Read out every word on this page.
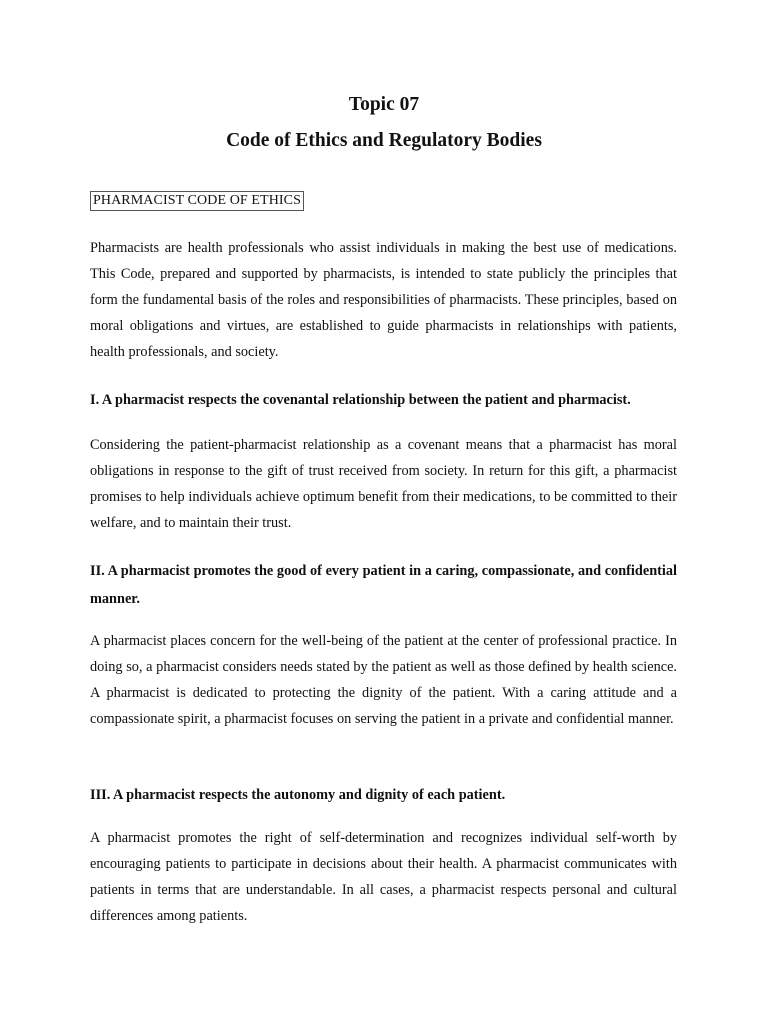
Topic 07
Code of Ethics and Regulatory Bodies
PHARMACIST CODE OF ETHICS

Pharmacists are health professionals who assist individuals in making the best use of medications. This Code, prepared and supported by pharmacists, is intended to state publicly the principles that form the fundamental basis of the roles and responsibilities of pharmacists. These principles, based on moral obligations and virtues, are established to guide pharmacists in relationships with patients, health professionals, and society.

I. A pharmacist respects the covenantal relationship between the patient and pharmacist.

Considering the patient-pharmacist relationship as a covenant means that a pharmacist has moral obligations in response to the gift of trust received from society. In return for this gift, a pharmacist promises to help individuals achieve optimum benefit from their medications, to be committed to their welfare, and to maintain their trust.

II. A pharmacist promotes the good of every patient in a caring, compassionate, and confidential manner.

A pharmacist places concern for the well-being of the patient at the center of professional practice. In doing so, a pharmacist considers needs stated by the patient as well as those defined by health science. A pharmacist is dedicated to protecting the dignity of the patient. With a caring attitude and a compassionate spirit, a pharmacist focuses on serving the patient in a private and confidential manner.

III. A pharmacist respects the autonomy and dignity of each patient.

A pharmacist promotes the right of self-determination and recognizes individual self-worth by encouraging patients to participate in decisions about their health. A pharmacist communicates with patients in terms that are understandable. In all cases, a pharmacist respects personal and cultural differences among patients.
